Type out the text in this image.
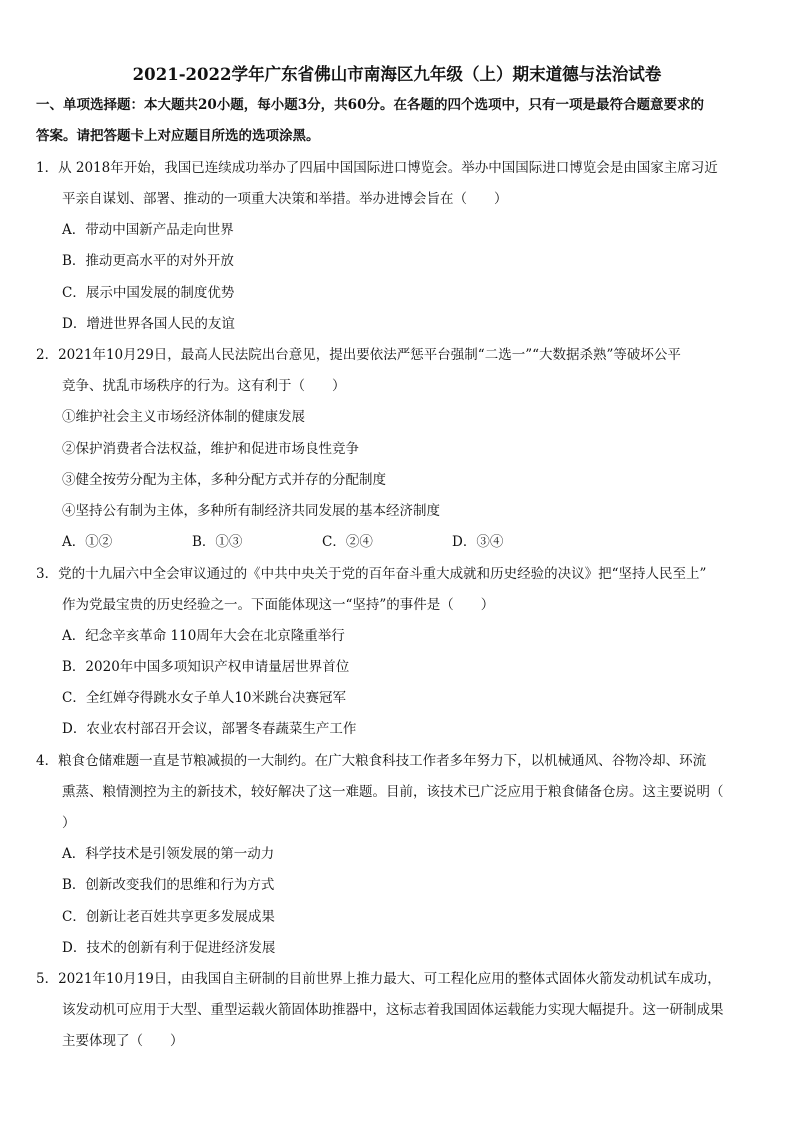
2021-2022学年广东省佛山市南海区九年级（上）期末道德与法治试卷
一、单项选择题：本大题共20小题，每小题3分，共60分。在各题的四个选项中，只有一项是最符合题意要求的
答案。请把答题卡上对应题目所选的选项涂黑。
1．从 2018年开始，我国已连续成功举办了四届中国国际进口博览会。举办中国国际进口博览会是由国家主席习近
平亲自谋划、部署、推动的一项重大决策和举措。举办进博会旨在（　　）
A．带动中国新产品走向世界
B．推动更高水平的对外开放
C．展示中国发展的制度优势
D．增进世界各国人民的友谊
2．2021年10月29日，最高人民法院出台意见，提出要依法严惩平台强制“二选一”“大数据杀熟”等破坏公平
竞争、扰乱市场秩序的行为。这有利于（　　）
①维护社会主义市场经济体制的健康发展
②保护消费者合法权益，维护和促进市场良性竞争
③健全按劳分配为主体，多种分配方式并存的分配制度
④坚持公有制为主体，多种所有制经济共同发展的基本经济制度
A．①②	B．①③	C．②④	D．③④
3．党的十九届六中全会审议通过的《中共中央关于党的百年奋斗重大成就和历史经验的决议》把“坚持人民至上”
作为党最宝贵的历史经验之一。下面能体现这一“坚持”的事件是（　　）
A．纪念辛亥革命 110周年大会在北京隆重举行
B．2020年中国多项知识产权申请量居世界首位
C．全红婵夺得跳水女子单人10米跳台决赛冠军
D．农业农村部召开会议，部署冬春蔬菜生产工作
4．粮食仓储难题一直是节粮减损的一大制约。在广大粮食科技工作者多年努力下，以机械通风、谷物冷却、环流
熏蒸、粮情测控为主的新技术，较好解决了这一难题。目前，该技术已广泛应用于粮食储备仓房。这主要说明（
）
A．科学技术是引领发展的第一动力
B．创新改变我们的思维和行为方式
C．创新让老百姓共享更多发展成果
D．技术的创新有利于促进经济发展
5．2021年10月19日，由我国自主研制的目前世界上推力最大、可工程化应用的整体式固体火箭发动机试车成功，
该发动机可应用于大型、重型运载火箭固体助推器中，这标志着我国固体运载能力实现大幅提升。这一研制成果
主要体现了（　　）
